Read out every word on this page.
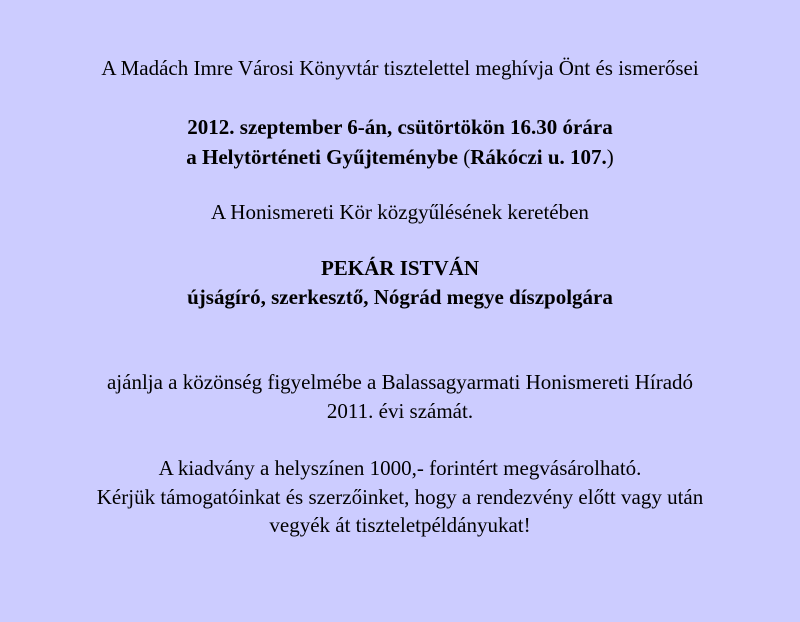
A Madách Imre Városi Könyvtár tisztelettel meghívja Önt és ismerősei
2012. szeptember 6-án, csütörtökön 16.30 órára
a Helytörténeti Gyűjteménybe (Rákóczi u. 107.)
A Honismereti Kör közgyűlésének keretében
PEKÁR ISTVÁN
újságíró, szerkesztő, Nógrád megye díszpolgára
ajánlja a közönség figyelmébe a Balassagyarmati Honismereti Híradó
2011. évi számát.
A kiadvány a helyszínen 1000,- forintért megvásárolható.
Kérjük támogatóinkat és szerzőinket, hogy a rendezvény előtt vagy után
vegyék át tiszteletpéldányukat!
